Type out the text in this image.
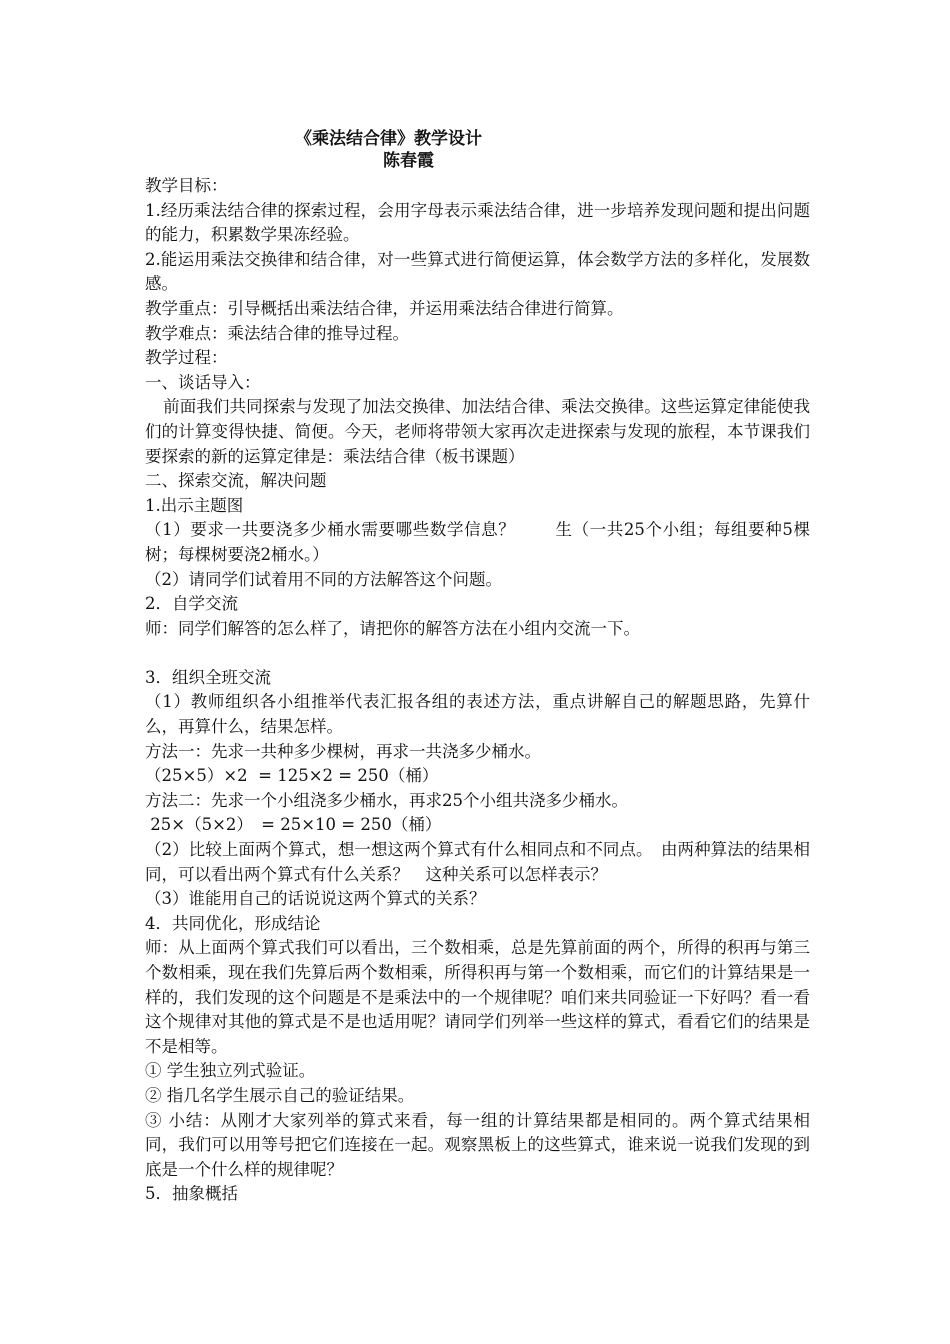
《乘法结合律》教学设计
陈春霞

教学目标：

1.经历乘法结合律的探索过程，会用字母表示乘法结合律，进一步培养发现问题和提出问题的能力，积累数学果冻经验。

2.能运用乘法交换律和结合律，对一些算式进行简便运算，体会数学方法的多样化，发展数感。

教学重点：引导概括出乘法结合律，并运用乘法结合律进行简算。

教学难点：乘法结合律的推导过程。

教学过程：

一、谈话导入：

前面我们共同探索与发现了加法交换律、加法结合律、乘法交换律。这些运算定律能使我们的计算变得快捷、简便。今天，老师将带领大家再次走进探索与发现的旅程，本节课我们要探索的新的运算定律是：乘法结合律（板书课题）

二、探索交流，解决问题

1.出示主题图

（1）要求一共要浇多少桶水需要哪些数学信息？　　 生（一共25个小组；每组要种5棵树；每棵树要浇2桶水。）

（2）请同学们试着用不同的方法解答这个问题。

2．自学交流

师：同学们解答的怎么样了，请把你的解答方法在小组内交流一下。

3．组织全班交流

（1）教师组织各小组推举代表汇报各组的表述方法，重点讲解自己的解题思路，先算什么，再算什么，结果怎样。

方法一：先求一共种多少棵树，再求一共浇多少桶水。

（25×5）×2  = 125×2 = 250（桶）

方法二：先求一个小组浇多少桶水，再求25个小组共浇多少桶水。

25×（5×2）　= 25×10 = 250（桶）

（2）比较上面两个算式，想一想这两个算式有什么相同点和不同点。　由两种算法的结果相同，可以看出两个算式有什么关系？　这种关系可以怎样表示？

（3）谁能用自己的话说说这两个算式的关系？

4．共同优化，形成结论

师：从上面两个算式我们可以看出，三个数相乘，总是先算前面的两个，所得的积再与第三个数相乘，现在我们先算后两个数相乘，所得积再与第一个数相乘，而它们的计算结果是一样的，我们发现的这个问题是不是乘法中的一个规律呢？咱们来共同验证一下好吗？看一看这个规律对其他的算式是不是也适用呢？请同学们列举一些这样的算式，看看它们的结果是不是相等。

① 学生独立列式验证。

② 指几名学生展示自己的验证结果。

③ 小结：从刚才大家列举的算式来看，每一组的计算结果都是相同的。两个算式结果相同，我们可以用等号把它们连接在一起。观察黑板上的这些算式，谁来说一说我们发现的到底是一个什么样的规律呢？

5．抽象概括
